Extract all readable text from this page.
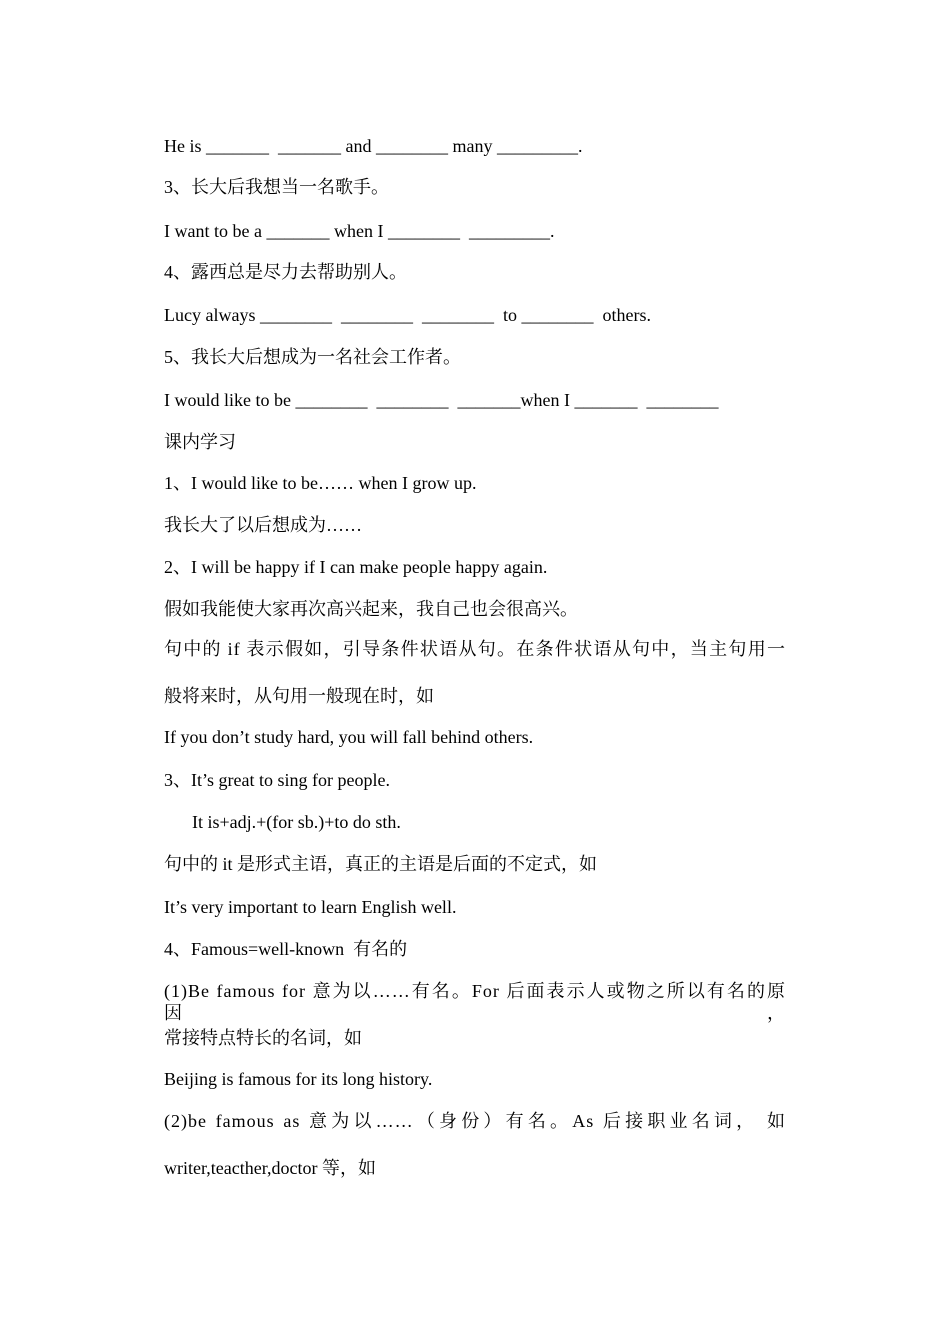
He is _______  _______ and ________ many _________.
3、长大后我想当一名歌手。
I want to be a _______ when I ________  _________.
4、露西总是尽力去帮助别人。
Lucy always ________  ________  ________  to ________  others.
5、我长大后想成为一名社会工作者。
I would like to be ________  ________  _______when I _______  ________
课内学习
1、I would like to be…… when I grow up.
我长大了以后想成为……
2、I will be happy if I can make people happy again.
假如我能使大家再次高兴起来，我自己也会很高兴。
句中的 if 表示假如，引导条件状语从句。在条件状语从句中，当主句用一
般将来时，从句用一般现在时，如
If you don’t study hard, you will fall behind others.
3、It’s great to sing for people.
It is+adj.+(for sb.)+to do sth.
句中的 it 是形式主语，真正的主语是后面的不定式，如
It’s very important to learn English well.
4、Famous=well-known  有名的
(1)Be famous for 意为以……有名。For 后面表示人或物之所以有名的原因，
常接特点特长的名词，如
Beijing is famous for its long history.
(2)be famous as 意为以……（身份）有名。As 后接职业名词， 如
writer,teacther,doctor 等，如
